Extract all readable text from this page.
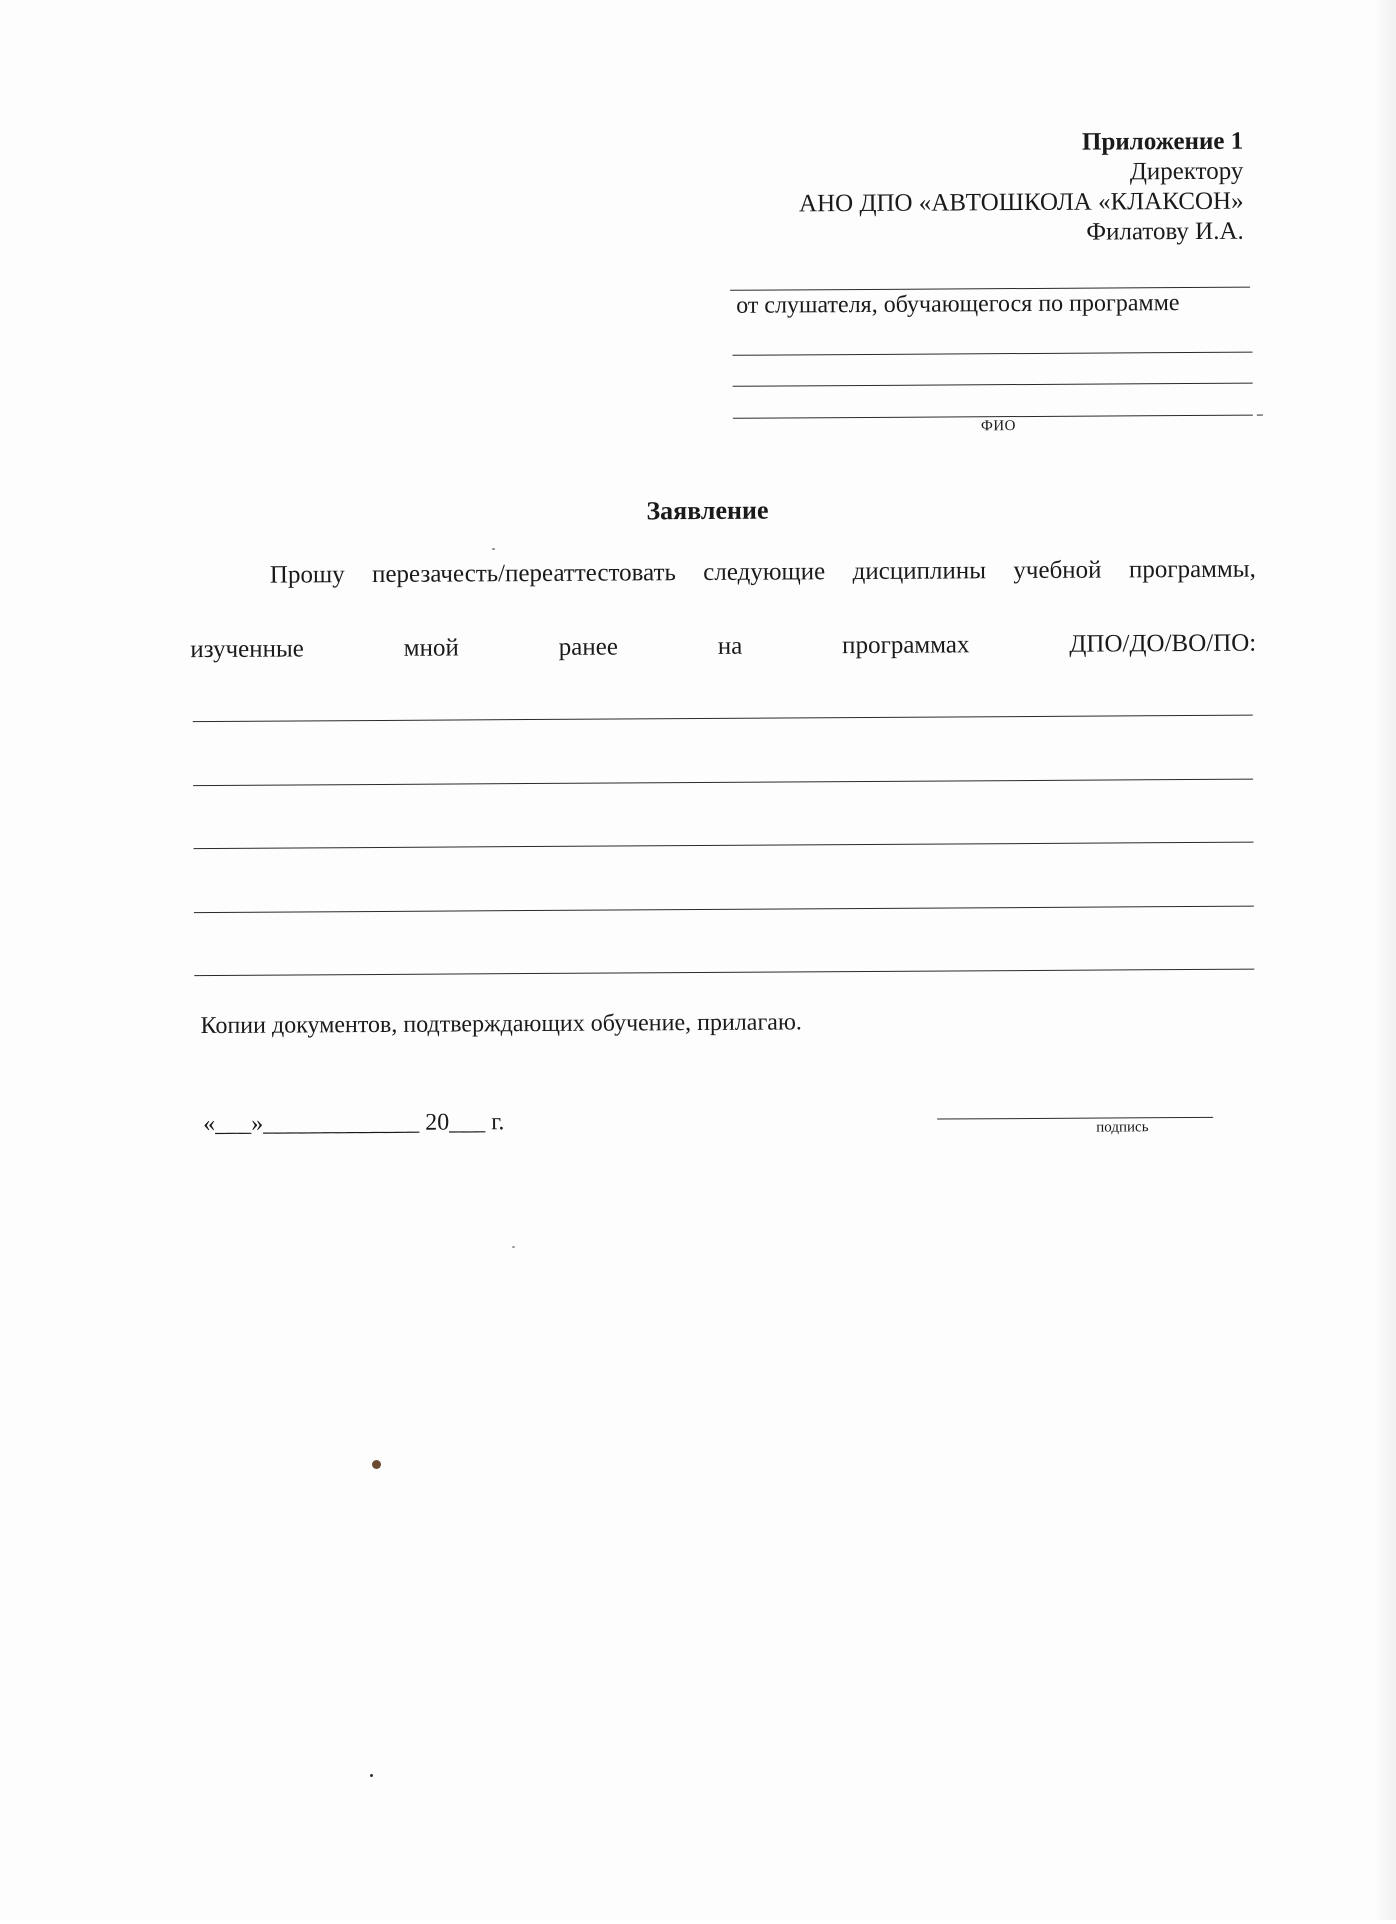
Приложение 1
Директору
АНО ДПО «АВТОШКОЛА «КЛАКСОН»
Филатову И.А.
от слушателя, обучающегося по программе
ФИО
Заявление
Прошу перезачесть/переаттестовать следующие дисциплины учебной программы,
изученные	мной	ранее	на	программах	ДПО/ДО/ВО/ПО:
Копии документов, подтверждающих обучение, прилагаю.
«___»_____________ 20___ г.	подпись
